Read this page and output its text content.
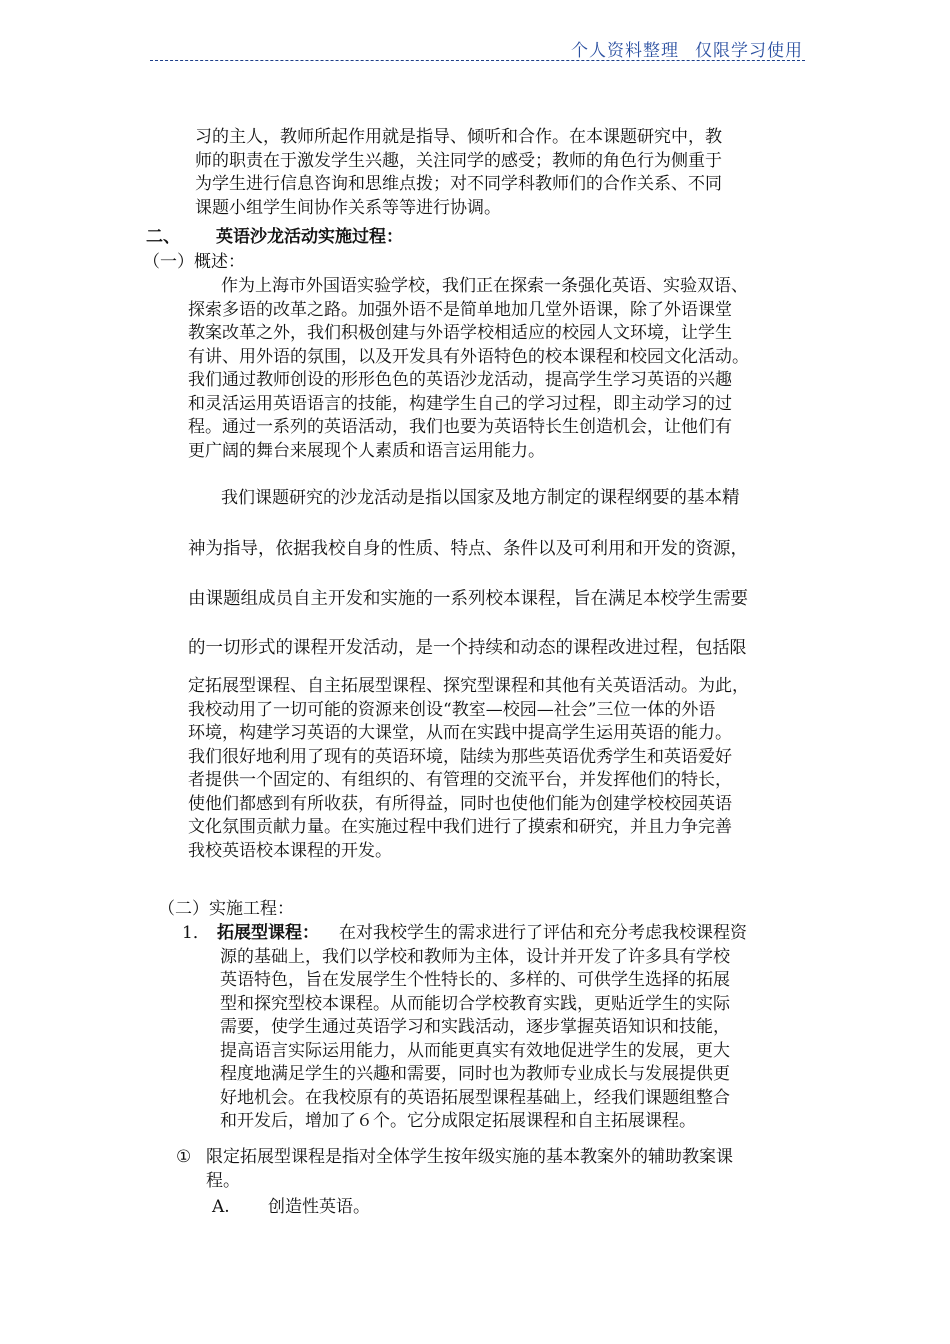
个人资料整理 仅限学习使用
习的主人，教师所起作用就是指导、倾听和合作。在本课题研究中，教
师的职责在于激发学生兴趣，关注同学的感受；教师的角色行为侧重于
为学生进行信息咨询和思维点拨；对不同学科教师们的合作关系、不同
课题小组学生间协作关系等等进行协调。
二、 英语沙龙活动实施过程：
（一）概述：
作为上海市外国语实验学校，我们正在探索一条强化英语、实验双语、
探索多语的改革之路。加强外语不是简单地加几堂外语课，除了外语课堂
教案改革之外，我们积极创建与外语学校相适应的校园人文环境，让学生
有讲、用外语的氛围，以及开发具有外语特色的校本课程和校园文化活动。
我们通过教师创设的形形色色的英语沙龙活动，提高学生学习英语的兴趣
和灵活运用英语语言的技能，构建学生自己的学习过程，即主动学习的过
程。通过一系列的英语活动，我们也要为英语特长生创造机会，让他们有
更广阔的舞台来展现个人素质和语言运用能力。
我们课题研究的沙龙活动是指以国家及地方制定的课程纲要的基本精
神为指导，依据我校自身的性质、特点、条件以及可利用和开发的资源，
由课题组成员自主开发和实施的一系列校本课程，旨在满足本校学生需要
的一切形式的课程开发活动，是一个持续和动态的课程改进过程，包括限
定拓展型课程、自主拓展型课程、探究型课程和其他有关英语活动。为此，
我校动用了一切可能的资源来创设“教室—校园—社会”三位一体的外语
环境，构建学习英语的大课堂，从而在实践中提高学生运用英语的能力。
我们很好地利用了现有的英语环境，陆续为那些英语优秀学生和英语爱好
者提供一个固定的、有组织的、有管理的交流平台，并发挥他们的特长，
使他们都感到有所收获，有所得益，同时也使他们能为创建学校校园英语
文化氛围贡献力量。在实施过程中我们进行了摸索和研究，并且力争完善
我校英语校本课程的开发。
（二）实施工程：
1． 拓展型课程： 在对我校学生的需求进行了评估和充分考虑我校课程资
源的基础上，我们以学校和教师为主体，设计并开发了许多具有学校
英语特色，旨在发展学生个性特长的、多样的、可供学生选择的拓展
型和探究型校本课程。从而能切合学校教育实践，更贴近学生的实际
需要，使学生通过英语学习和实践活动，逐步掌握英语知识和技能，
提高语言实际运用能力，从而能更真实有效地促进学生的发展，更大
程度地满足学生的兴趣和需要，同时也为教师专业成长与发展提供更
好地机会。在我校原有的英语拓展型课程基础上，经我们课题组整合
和开发后，增加了６个。它分成限定拓展课程和自主拓展课程。
① 限定拓展型课程是指对全体学生按年级实施的基本教案外的辅助教案课
程。
A. 创造性英语。
